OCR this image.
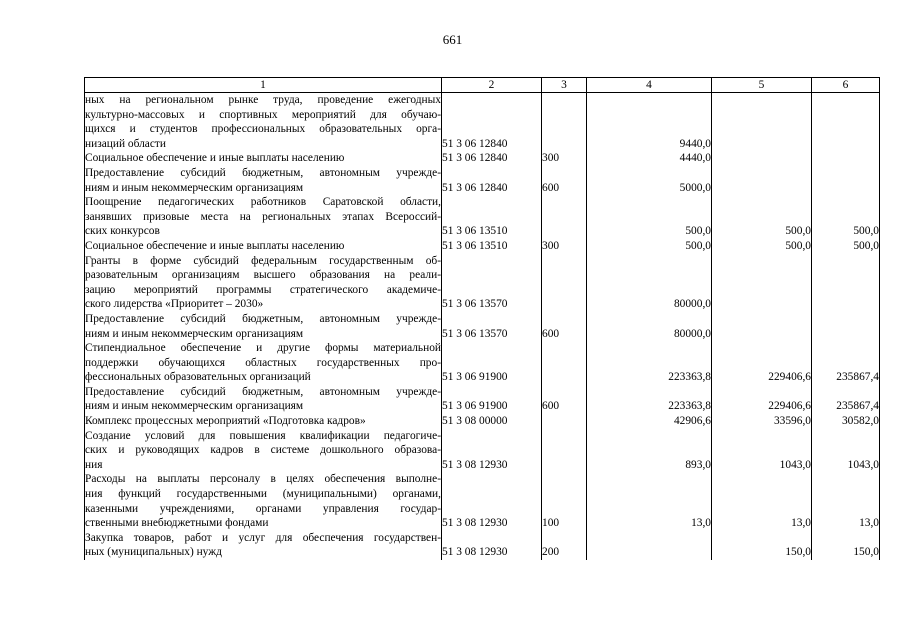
661
1	2	3	4	5	6

ных на региональном рынке труда, проведение ежегодных
культурно-массовых и спортивных мероприятий для обучаю-
щихся и студентов профессиональных образовательных орга-
низаций области	51 3 06 12840		9440,0		

Социальное обеспечение и иные выплаты населению	51 3 06 12840	300	4440,0		

Предоставление субсидий бюджетным, автономным учрежде-
ниям и иным некоммерческим организациям	51 3 06 12840	600	5000,0		

Поощрение педагогических работников Саратовской области,
занявших призовые места на региональных этапах Всероссий-
ских конкурсов	51 3 06 13510		500,0	500,0	500,0

Социальное обеспечение и иные выплаты населению	51 3 06 13510	300	500,0	500,0	500,0

Гранты в форме субсидий федеральным государственным об-
разовательным организациям высшего образования на реали-
зацию мероприятий программы стратегического академиче-
ского лидерства «Приоритет – 2030»	51 3 06 13570		80000,0		

Предоставление субсидий бюджетным, автономным учрежде-
ниям и иным некоммерческим организациям	51 3 06 13570	600	80000,0		

Стипендиальное обеспечение и другие формы материальной
поддержки обучающихся областных государственных про-
фессиональных образовательных организаций	51 3 06 91900		223363,8	229406,6	235867,4

Предоставление субсидий бюджетным, автономным учрежде-
ниям и иным некоммерческим организациям	51 3 06 91900	600	223363,8	229406,6	235867,4

Комплекс процессных мероприятий «Подготовка кадров»	51 3 08 00000		42906,6	33596,0	30582,0

Создание условий для повышения квалификации педагогиче-
ских и руководящих кадров в системе дошкольного образова-
ния	51 3 08 12930		893,0	1043,0	1043,0

Расходы на выплаты персоналу в целях обеспечения выполне-
ния функций государственными (муниципальными) органами,
казенными учреждениями, органами управления государ-
ственными внебюджетными фондами	51 3 08 12930	100	13,0	13,0	13,0

Закупка товаров, работ и услуг для обеспечения государствен-
ных (муниципальных) нужд	51 3 08 12930	200		150,0	150,0
